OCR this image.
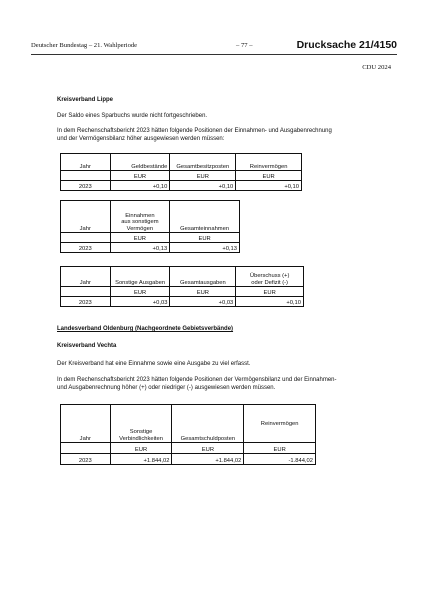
Deutscher Bundestag – 21. Wahlperiode	– 77 –	Drucksache 21/4150
CDU 2024
Kreisverband Lippe
Der Saldo eines Sparbuchs wurde nicht fortgeschrieben.
In dem Rechenschaftsbericht 2023 hätten folgende Positionen der Einnahmen- und Ausgabenrechnung
und der Vermögensbilanz höher ausgewiesen werden müssen:
Jahr	Geldbestände	Gesamtbesitzposten	Reinvermögen
	EUR	EUR	EUR
2023	+0,10	+0,10	+0,10
Jahr	Einnahmen
aus sonstigem
Vermögen	Gesamteinnahmen
	EUR	EUR
2023	+0,13	+0,13
Jahr	Sonstige Ausgaben	Gesamtausgaben	Überschuss (+)
oder Defizit (-)
	EUR	EUR	EUR
2023	+0,03	+0,03	+0,10
Landesverband Oldenburg (Nachgeordnete Gebietsverbände)
Kreisverband Vechta
Der Kreisverband hat eine Einnahme sowie eine Ausgabe zu viel erfasst.
In dem Rechenschaftsbericht 2023 hätten folgende Positionen der Vermögensbilanz und der Einnahmen-
und Ausgabenrechnung höher (+) oder niedriger (-) ausgewiesen werden müssen.
Jahr	Sonstige
Verbindlichkeiten	Gesamtschuldposten	Reinvermögen
	EUR	EUR	EUR
2023	+1.844,02	+1.844,02	-1.844,02
